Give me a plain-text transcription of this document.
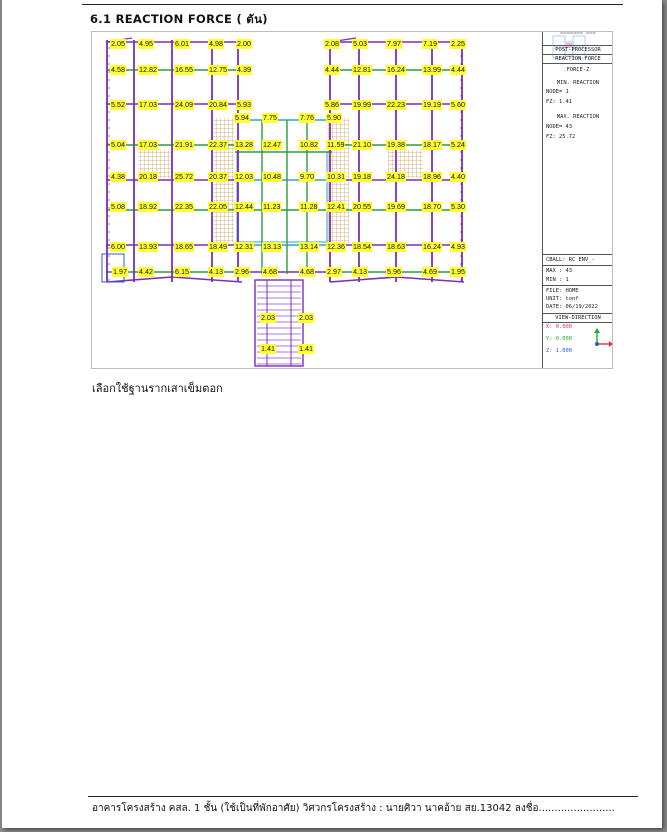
6.1 REACTION FORCE ( ตัน)
2.05 4.95	6.01	4.98 2.00	2.08 5.03	7.97	7.19 2.25
4.58 12.82	16.55 12.75 4.39	4.44 12.81 16.24	13.99 4.44
5.52 17.03	24.09 20.84 5.93	5.86 19.99 22.23	19.19 5.60
5.94 7.75	7.76 5.90
5.04 17.03	21.91 22.37 13.28 12.47	10.82 11.59 21.10 19.38	18.17 5.24
4.38 20.18	25.72 20.37 12.03 10.48	9.70 10.31 19.18 24.18	18.96 4.40
5.08 18.92	22.35 22.05 12.44 11.23	11.28 12.41 20.55 19.69	18.70 5.30
6.00 13.93	18.65 18.49 12.31 13.13	13.14 12.36 18.54 18.63	16.24 4.93
1.97 4.42	6.15	4.13 2.96 4.68	4.68 2.97 4.13	5.96	4.69 1.95
2.03	2.03
1.41	1.41
======= ===
POST-PROCESSOR
REACTION FORCE
FORCE-Z
MIN. REACTION
NODE= 1
FZ: 1.41
MAX. REACTION
NODE= 43
FZ: 25.72
CBALL: RC ENV_-
MAX : 43
MIN : 1
FILE: HOME
UNIT: tonf
DATE: 06/19/2022
VIEW-DIRECTION
X: 0.000
Y: 0.000
Z: 1.000
เลือกใช้ฐานรากเสาเข็มตอก
อาคารโครงสร้าง คสล. 1 ชั้น (ใช้เป็นที่พักอาศัย) วิศวกรโครงสร้าง : นายศิวา นาคอ้าย สย.13042 ลงชื่อ........................
